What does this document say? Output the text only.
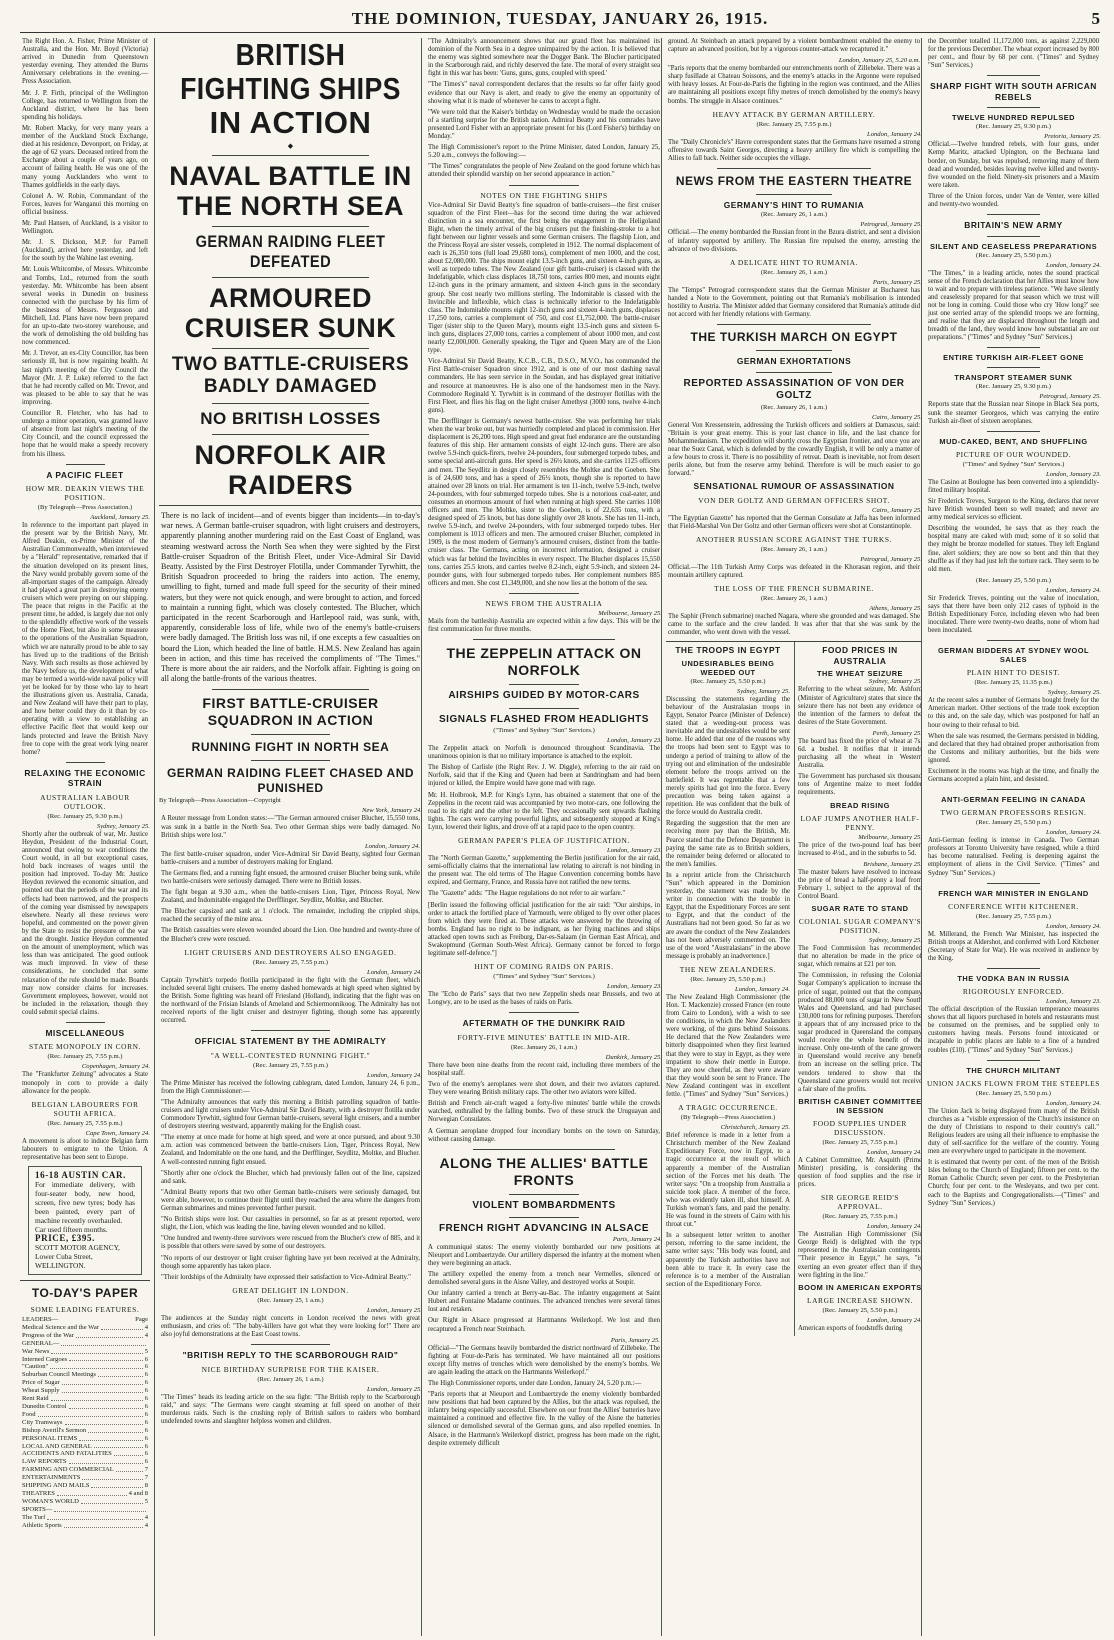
THE DOMINION, TUESDAY, JANUARY 26, 1915.	5

The Right Hon. A. Fisher, Prime Minister of Australia, and the Hon. Mr. Boyd (Victoria) arrived in Dunedin from Queenstown yesterday evening. They attended the Burns Anniversary celebrations in the evening.—Press Association.

Mr. J. P. Firth, principal of the Wellington College, has returned to Wellington from the Auckland district, where he has been spending his holidays.

Mr. Robert Macky, for very many years a member of the Auckland Stock Exchange, died at his residence, Devonport, on Friday, at the age of 62 years. Deceased retired from the Exchange about a couple of years ago, on account of failing health. He was one of the many young Aucklanders who went to Thames goldfields in the early days.

Colonel A. W. Robin, Commandant of the Forces, leaves for Wanganui this morning on official business.

Mr. Paul Hansen, of Auckland, is a visitor to Wellington.

Mr. J. S. Dickson, M.P. for Parnell (Auckland), arrived here yesterday, and left for the south by the Wahine last evening.

Mr. Louis Whitcombe, of Messrs. Whitcombe and Tombs, Ltd., returned from the south yesterday. Mr. Whitcombe has been absent several weeks in Dunedin on business connected with the purchase by his firm of the business of Messrs. Fergusson and Mitchell, Ltd. Plans have now been prepared for an up-to-date two-storey warehouse, and the work of demolishing the old building has now commenced.

Mr. J. Trevor, an ex-City Councillor, has been seriously ill, but is now regaining health. At last night's meeting of the City Council the Mayor (Mr. J. P. Luke) referred to the fact that he had recently called on Mr. Trevor, and was pleased to be able to say that he was improving.

Councillor R. Fletcher, who has had to undergo a minor operation, was granted leave of absence from last night's meeting of the City Council, and the council expressed the hope that he would make a speedy recovery from his illness.

A PACIFIC FLEET
HOW MR. DEAKIN VIEWS THE POSITION.
(By Telegraph—Press Association.)
Auckland, January 25.

In reference to the important part played in the present war by the British Navy, Mr. Alfred Deakin, ex-Prime Minister of the Australian Commonwealth, when interviewed by a "Herald" representative, remarked that if the situation developed on its present lines, the Navy would probably govern some of the all-important stages of the campaign. Already it had played a great part in destroying enemy cruisers which were preying on our shipping. The peace that reigns in the Pacific at the present time, he added, is largely due not only to the splendidly effective work of the vessels of the Home Fleet, but also in some measure to the operations of the Australian Squadron, which we are naturally proud to be able to say has lived up to the traditions of the British Navy. With such results as those achieved by the Navy before us, the development of what may be termed a world-wide naval policy will yet be looked for by those who lay to heart the illustrations given us. Australia, Canada, and New Zealand will have their part to play, and how better could they do it than by co-operating with a view to establishing an effective Pacific fleet that would keep our lands protected and leave the British Navy free to cope with the great work lying nearer home?

RELAXING THE ECONOMIC STRAIN
AUSTRALIAN LABOUR OUTLOOK.
(Rec. January 25, 9.30 p.m.)
Sydney, January 25.

Shortly after the outbreak of war, Mr. Justice Heydon, President of the Industrial Court, announced that owing to war conditions the Court would, in all but exceptional cases, hold back increases of wages until the position had improved. To-day Mr. Justice Heydon reviewed the economic situation, and pointed out that the periods of the war and its effects had been narrowed, and the prospects of the coming year dismissed by newspapers elsewhere. Nearly all these reviews were hopeful, and commented on the power given by the State to resist the pressure of the war and the drought. Justice Heydon commented on the amount of unemployment, which was less than was anticipated. The good outlook was much improved. In view of these considerations, he concluded that some relaxation of the rule should be made. Boards may now consider claims for increases. Government employees, however, would not be included in the relaxation, though they could submit special claims.

MISCELLANEOUS
STATE MONOPOLY IN CORN.
(Rec. January 25, 7.55 p.m.)
Copenhagen, January 24.

The "Frankfurter Zeitung" advocates a State monopoly in corn to provide a daily allowance for the people.

BELGIAN LABOURERS FOR SOUTH AFRICA.
(Rec. January 25, 7.55 p.m.)
Cape Town, January 24.

A movement is afoot to induce Belgian farm labourers to emigrate to the Union. A representative has been sent to Europe.

16-18 AUSTIN CAR.

For immediate delivery, with four-seater body, new hood, screen, five new tyres; body has been painted, every part of machine recently overhauled.

Car used fifteen months.

PRICE, £395.

SCOTT MOTOR AGENCY,

Lower Cuba Street,

WELLINGTON.

TO-DAY'S PAPER
SOME LEADING FEATURES.
LEADERS—	Page
Medical Science and the War	4
Progress of the War	4
GENERAL—
War News	5
Interned Cargoes	6
"Caution"	6
Suburban Council Meetings	6
Price of Sugar	6
Wheat Supply	6
Rent Raid	6
Dunedin Control	6
Food	6
City Tramways	6
Bishop Averill's Sermon	6
PERSONAL ITEMS	6
LOCAL AND GENERAL	6
ACCIDENTS AND FATALITIES	6
LAW REPORTS	6
FARMING AND COMMERCIAL	7
ENTERTAINMENTS	7
SHIPPING AND MAILS	8
THEATRES	4 and 8
WOMAN'S WORLD	5
SPORTS—
The Turf	4
Athletic Sports	4
BRITISH FIGHTING SHIPS
IN ACTION
◆
NAVAL BATTLE IN THE NORTH SEA
GERMAN RAIDING FLEET DEFEATED
ARMOURED CRUISER SUNK
TWO BATTLE-CRUISERS BADLY DAMAGED
NO BRITISH LOSSES
NORFOLK AIR RAIDERS

There is no lack of incident—and of events bigger than incidents—in to-day's war news. A German battle-cruiser squadron, with light cruisers and destroyers, apparently planning another murdering raid on the East Coast of England, was steaming westward across the North Sea when they were sighted by the First Battle-cruiser Squadron of the British Fleet, under Vice-Admiral Sir David Beatty. Assisted by the First Destroyer Flotilla, under Commander Tyrwhitt, the British Squadron proceeded to bring the raiders into action. The enemy, unwilling to fight, turned and made full speed for the security of their mined waters, but they were not quick enough, and were brought to action, and forced to maintain a running fight, which was closely contested. The Blucher, which participated in the recent Scarborough and Hartlepool raid, was sunk, with, apparently, considerable loss of life, while two of the enemy's battle-cruisers were badly damaged. The British loss was nil, if one excepts a few casualties on board the Lion, which headed the line of battle. H.M.S. New Zealand has again been in action, and this time has received the compliments of "The Times." There is more about the air raiders, and the Norfolk affair. Fighting is going on all along the battle-fronts of the various theatres.

FIRST BATTLE-CRUISER SQUADRON IN ACTION
RUNNING FIGHT IN NORTH SEA
GERMAN RAIDING FLEET CHASED AND PUNISHED
By Telegraph—Press Association—Copyright
New York, January 24.

A Reuter message from London states:—"The German armoured cruiser Blucher, 15,550 tons, was sunk in a battle in the North Sea. Two other German ships were badly damaged. No British ships were lost."

London, January 24.

The first battle-cruiser squadron, under Vice-Admiral Sir David Beatty, sighted four German battle-cruisers and a number of destroyers making for England.

The Germans fled, and a running fight ensued, the armoured cruiser Blucher being sunk, while two battle-cruisers were seriously damaged. There were no British losses.

The fight began at 9.30 a.m., when the battle-cruisers Lion, Tiger, Princess Royal, New Zealand, and Indomitable engaged the Derfflinger, Seydlitz, Moltke, and Blucher.

The Blucher capsized and sank at 1 o'clock. The remainder, including the crippled ships, reached the security of the mine area.

The British casualties were eleven wounded aboard the Lion. One hundred and twenty-three of the Blucher's crew were rescued.

LIGHT CRUISERS AND DESTROYERS ALSO ENGAGED.
(Rec. January 25, 7.55 p.m.)
London, January 24.

Captain Tyrwhitt's torpedo flotilla participated in the fight with the German fleet, which included several light cruisers. The enemy dashed homewards at high speed when sighted by the British. Some fighting was heard off Friesland (Holland), indicating that the fight was on the northward of the Frisian Islands of Ameland and Schiermonnikoog. The Admiralty has not received reports of the light cruiser and destroyer fighting, though some has apparently occurred.

OFFICIAL STATEMENT BY THE ADMIRALTY
"A WELL-CONTESTED RUNNING FIGHT."
(Rec. January 25, 7.55 p.m.)
London, January 24.

The Prime Minister has received the following cablegram, dated London, January 24, 6 p.m., from the High Commissioner:—

"The Admiralty announces that early this morning a British patrolling squadron of battle-cruisers and light cruisers under Vice-Admiral Sir David Beatty, with a destroyer flotilla under Commodore Tyrwhitt, sighted four German battle-cruisers, several light cruisers, and a number of destroyers steering westward, apparently making for the English coast.

"The enemy at once made for home at high speed, and were at once pursued, and about 9.30 a.m. action was commenced between the battle-cruisers Lion, Tiger, Princess Royal, New Zealand, and Indomitable on the one hand, and the Derfflinger, Seydlitz, Moltke, and Blucher. A well-contested running fight ensued.

"Shortly after one o'clock the Blucher, which had previously fallen out of the line, capsized and sank.

"Admiral Beatty reports that two other German battle-cruisers were seriously damaged, but were able, however, to continue their flight until they reached the area where the dangers from German submarines and mines prevented further pursuit.

"No British ships were lost. Our casualties in personnel, so far as at present reported, were slight, the Lion, which was leading the line, having eleven wounded and no killed.

"One hundred and twenty-three survivors were rescued from the Blucher's crew of 885, and it is possible that others were saved by some of our destroyers.

"No reports of our destroyer or light cruiser fighting have yet been received at the Admiralty, though some apparently has taken place.

"Their lordships of the Admiralty have expressed their satisfaction to Vice-Admiral Beatty."

GREAT DELIGHT IN LONDON.
(Rec. January 25, 1 a.m.)
London, January 25.

The audiences at the Sunday night concerts in London received the news with great enthusiasm, and cries of: "The baby-killers have got what they were looking for!" There are also joyful demonstrations at the East Coast towns.

"BRITISH REPLY TO THE SCARBOROUGH RAID"
NICE BIRTHDAY SURPRISE FOR THE KAISER.
(Rec. January 26, 1 a.m.)
London, January 25.

"The Times" heads its leading article on the sea fight: "The British reply to the Scarborough raid," and says: "The Germans were caught steaming at full speed on another of their murderous raids. Such is the crushing reply of British sailors to raiders who bombard undefended towns and slaughter helpless women and children.

"The Admiralty's announcement shows that our grand fleet has maintained its dominion of the North Sea in a degree unimpaired by the action. It is believed that the enemy was sighted somewhere near the Dogger Bank. The Blucher participated in the Scarborough raid, and richly deserved the fate. The moral of every straight sea fight in this war has been: 'Guns, guns, guns, coupled with speed.'

"The Times's" naval correspondent declares that the results so far offer fairly good evidence that our Navy is alert, and ready to give the enemy an opportunity of showing what it is made of whenever he cares to accept a fight.

"We were told that the Kaiser's birthday on Wednesday would be made the occasion of a startling surprise for the British nation. Admiral Beatty and his comrades have presented Lord Fisher with an appropriate present for his (Lord Fisher's) birthday on Monday."

The High Commissioner's report to the Prime Minister, dated London, January 25, 5.20 a.m., conveys the following:—

"The Times" congratulates the people of New Zealand on the good fortune which has attended their splendid warship on her second appearance in action."

NOTES ON THE FIGHTING SHIPS

Vice-Admiral Sir David Beatty's fine squadron of battle-cruisers—the first cruiser squadron of the First Fleet—has for the second time during the war achieved distinction in a sea encounter, the first being the engagement in the Heligoland Bight, when the timely arrival of the big cruisers put the finishing-stroke to a hot fight between our lighter vessels and some German cruisers. The flagship Lion, and the Princess Royal are sister vessels, completed in 1912. The normal displacement of each is 26,350 tons (full load 29,680 tons), complement of men 1000, and the cost, about £2,080,000. The ships mount eight 13.5-inch guns, and sixteen 4-inch guns, as well as torpedo tubes. The New Zealand (our gift battle-cruiser) is classed with the Indefatigable, which class displaces 18,750 tons, carries 800 men, and mounts eight 12-inch guns in the primary armament, and sixteen 4-inch guns in the secondary group. She cost nearly two millions sterling. The Indomitable is classed with the Invincible and Inflexible, which class is technically inferior to the Indefatigable class. The Indomitable mounts eight 12-inch guns and sixteen 4-inch guns, displaces 17,250 tons, carries a complement of 750, and cost £1,752,000. The battle-cruiser Tiger (sister ship to the Queen Mary), mounts eight 13.5-inch guns and sixteen 6-inch guns, displaces 27,000 tons, carries a complement of about 1000 men, and cost nearly £2,000,000. Generally speaking, the Tiger and Queen Mary are of the Lion type.

Vice-Admiral Sir David Beatty, K.C.B., C.B., D.S.O., M.V.O., has commanded the First Battle-cruiser Squadron since 1912, and is one of our most dashing naval commanders. He has seen service in the Soudan, and has displayed great initiative and resource at manoeuvres. He is also one of the handsomest men in the Navy. Commodore Reginald Y. Tyrwhitt is in command of the destroyer flotillas with the First Fleet, and flies his flag on the light cruiser Amethyst (3000 tons, twelve 4-inch guns).

The Derfflinger is Germany's newest battle-cruiser. She was performing her trials when the war broke out, but was hurriedly completed and placed in commission. Her displacement is 26,200 tons. High speed and great fuel endurance are the outstanding features of this ship. Her armament consists of eight 12-inch guns. There are also twelve 5.9-inch quick-firers, twelve 24-pounders, four submerged torpedo tubes, and some special anti-aircraft guns. Her speed is 26½ knots, and she carries 1125 officers and men. The Seydlitz in design closely resembles the Moltke and the Goeben. She is of 24,600 tons, and has a speed of 26½ knots, though she is reported to have attained over 28 knots on trial. Her armament is ten 11-inch, twelve 5.9-inch, twelve 24-pounders, with four submerged torpedo tubes. She is a notorious coal-eater, and consumes an enormous amount of fuel when running at high speed. She carries 1108 officers and men. The Moltke, sister to the Goeben, is of 22,635 tons, with a designed speed of 25 knots, but has done slightly over 28 knots. She has ten 11-inch, twelve 5.9-inch, and twelve 24-pounders, with four submerged torpedo tubes. Her complement is 1013 officers and men. The armoured cruiser Blucher, completed in 1909, is the most modern of Germany's armoured cruisers, distinct from the battle-cruiser class. The Germans, acting on incorrect information, designed a cruiser which was far behind the Invincibles in every respect. The Blucher displaces 15,550 tons, carries 25.5 knots, and carries twelve 8.2-inch, eight 5.9-inch, and sixteen 24-pounder guns, with four submerged torpedo tubes. Her complement numbers 885 officers and men. She cost £1,349,000, and she now lies at the bottom of the sea.

NEWS FROM THE AUSTRALIA
Melbourne, January 25.

Mails from the battleship Australia are expected within a few days. This will be the first communication for three months.

THE ZEPPELIN ATTACK ON NORFOLK
AIRSHIPS GUIDED BY MOTOR-CARS
SIGNALS FLASHED FROM HEADLIGHTS
("Times" and Sydney "Sun" Services.)
London, January 23.

The Zeppelin attack on Norfolk is denounced throughout Scandinavia. The unanimous opinion is that no military importance is attached to the exploit.

The Bishop of Carlisle (the Right Rev. J. W. Diggle), referring to the air raid on Norfolk, said that if the King and Queen had been at Sandringham and had been injured or killed, the Empire would have gone mad with rage.

Mr. H. Holbrook, M.P. for King's Lynn, has obtained a statement that one of the Zeppelins in the recent raid was accompanied by two motor-cars, one following the road to its right and the other to the left. They occasionally sent upwards flashing lights. The cars were carrying powerful lights, and subsequently stopped at King's Lynn, lowered their lights, and drove off at a rapid pace to the open country.

GERMAN PAPER'S PLEA OF JUSTIFICATION.
London, January 23.

The "North German Gazette," supplementing the Berlin justification for the air raid, semi-officially claims that the international law relating to aircraft is not binding in the present war. The old terms of The Hague Convention concerning bombs have expired, and Germany, France, and Russia have not ratified the new terms.

The "Gazette" adds: "The Hague regulations do not refer to air warfare."

[Berlin issued the following official justification for the air raid: "Our airships, in order to attack the fortified place of Yarmouth, were obliged to fly over other places from which they were fired at. These attacks were answered by the throwing of bombs. England has no right to be indignant, as her flying machines and ships attacked open towns such as Freiburg, Dar-es-Salaam (in German East Africa), and Swakopmund (German South-West Africa). Germany cannot be forced to forgo legitimate self-defence."]

HINT OF COMING RAIDS ON PARIS.
("Times" and Sydney "Sun" Services.)
London, January 23.

The "Echo de Paris" says that two new Zeppelin sheds near Brussels, and two at Longwy, are to be used as the bases of raids on Paris.

AFTERMATH OF THE DUNKIRK RAID
FORTY-FIVE MINUTES' BATTLE IN MID-AIR.
(Rec. January 26, 1 a.m.)
Dunkirk, January 25.

There have been nine deaths from the recent raid, including three members of the hospital staff.

Two of the enemy's aeroplanes were shot down, and their two aviators captured. They were wearing British military caps. The other two aviators were killed.

British and French air-craft waged a forty-five minutes' battle while the crowds watched, enthralled by the falling bombs. Two of these struck the Uruguayan and Norwegian Consulates.

A German aeroplane dropped four incendiary bombs on the town on Saturday, without causing damage.

ALONG THE ALLIES' BATTLE FRONTS
VIOLENT BOMBARDMENTS
FRENCH RIGHT ADVANCING IN ALSACE
Paris, January 24.

A communiqué states: The enemy violently bombarded our new positions at Nieuport and Lombaertzyde. Our artillery dispersed the infantry at the moment when they were beginning an attack.

The artillery expelled the enemy from a trench near Vermelles, silenced or demolished several guns in the Aisne Valley, and destroyed works at Soupir.

Our infantry carried a trench at Berry-au-Bac. The infantry engagement at Saint Hubert and Fontaine Madame continues. The advanced trenches were several times lost and retaken.

Our Right in Alsace progressed at Hartmanns Weilerkopf. We lost and then recaptured a French near Steinbach.

Paris, January 25.

Official—"The Germans heavily bombarded the district northward of Zillebeke. The fighting at Four-de-Paris has terminated. We have maintained all our positions except fifty metres of trenches which were demolished by the enemy's bombs. We are again leading the attack on the Hartmanns Weilerkopf."

The High Commissioner reports, under date London, January 24, 5.20 p.m.:—

"Paris reports that at Nieuport and Lombaertzyde the enemy violently bombarded new positions that had been captured by the Allies, but the attack was repulsed, the infantry being especially successful. Elsewhere on our front the Allies' batteries have maintained a continued and effective fire. In the valley of the Aisne the batteries silenced or demolished several of the German guns, and also repelled enemies. In Alsace, in the Hartmann's Weilerkopf district, progress has been made on the right, despite extremely difficult

ground. At Steinbach an attack prepared by a violent bombardment enabled the enemy to capture an advanced position, but by a vigorous counter-attack we recaptured it."

London, January 25, 5.20 a.m.

"Paris reports that the enemy bombarded our entrenchments north of Zillebeke. There was a sharp fusillade at Chateau Soissons, and the enemy's attacks in the Argonne were repulsed with heavy losses. At Four-de-Paris the fighting in the region was continued, and the Allies are maintaining all positions except fifty metres of trench demolished by the enemy's heavy bombs. The struggle in Alsace continues."

HEAVY ATTACK BY GERMAN ARTILLERY.
(Rec. January 25, 7.55 p.m.)
London, January 24.

The "Daily Chronicle's" Havre correspondent states that the Germans have resumed a strong offensive towards Saint Georges, directing a heavy artillery fire which is compelling the Allies to fall back. Neither side occupies the village.

NEWS FROM THE EASTERN THEATRE
GERMANY'S HINT TO RUMANIA
(Rec. January 26, 1 a.m.)
Petrograd, January 25.

Official.—The enemy bombarded the Russian front in the Bzura district, and sent a division of infantry supported by artillery. The Russian fire repulsed the enemy, arresting the advance of two divisions.

A DELICATE HINT TO RUMANIA.
(Rec. January 26, 1 a.m.)
Paris, January 25.

The "Temps" Petrograd correspondent states that the German Minister at Bucharest has handed a Note to the Government, pointing out that Rumania's mobilisation is intended hostility to Austria. The Minister added that Germany considered that Rumania's attitude did not accord with her friendly relations with Germany.

THE TURKISH MARCH ON EGYPT
GERMAN EXHORTATIONS
REPORTED ASSASSINATION OF VON DER GOLTZ
(Rec. January 26, 1 a.m.)
Cairo, January 25.

General Von Kressenstein, addressing the Turkish officers and soldiers at Damascus, said: "Britain is your great enemy. This is your last chance in life, and the last chance for Mohammedanism. The expedition will shortly cross the Egyptian frontier, and once you are near the Suez Canal, which is defended by the cowardly English, it will be only a matter of a few hours to cross it. There is no possibility of retreat. Death is inevitable, not from desert perils alone, but from the reserve army behind. Therefore is will be much easier to go forward."

SENSATIONAL RUMOUR OF ASSASSINATION
VON DER GOLTZ AND GERMAN OFFICERS SHOT.
Cairo, January 25.

"The Egyptian Gazette" has reported that the German Consulate at Jaffa has been informed that Field-Marshal Von Der Goltz and other German officers were shot at Constantinople.

ANOTHER RUSSIAN SCORE AGAINST THE TURKS.
(Rec. January 26, 1 a.m.)
Petrograd, January 25.

Official.—The 11th Turkish Army Corps was defeated in the Khorasan region, and their mountain artillery captured.

THE LOSS OF THE FRENCH SUBMARINE.
(Rec. January 26, 1 a.m.)
Athens, January 25.

The Saphir (French submarine) reached Nagara, where she grounded and was damaged. She came to the surface and the crew landed. It was after that that she was sunk by the commander, who went down with the vessel.

THE TROOPS IN EGYPT
UNDESIRABLES BEING WEEDED OUT
(Rec. January 25, 5.50 p.m.)
Sydney, January 25.

Discussing the statements regarding the behaviour of the Australasian troops in Egypt, Senator Pearce (Minister of Defence) stated that a weeding-out process was inevitable and the undesirables would be sent home. He added that one of the reasons why the troops had been sent to Egypt was to undergo a period of training to allow of the trying out and elimination of the undesirable element before the troops arrived on the battlefield. It was regrettable that a few merely spirits had got into the force. Every precaution was being taken against a repetition. He was confident that the bulk of the force would do Australia credit.

Regarding the suggestion that the men are receiving more pay than the British, Mr. Pearce stated that the Defence Department is paying the same rate as to British soldiers, the remainder being deferred or allocated to the men's families.

In a reprint article from the Christchurch "Sun" which appeared in the Dominion yesterday, the statement was made by the writer in connection with the trouble in Egypt, that the Expeditionary Forces are sent to Egypt, and that the conduct of the Australians had not been good. So far as we are aware the conduct of the New Zealanders has not been adversely commented on. The use of the word "Australasians" in the above message is probably an inadvertence.]

THE NEW ZEALANDERS.
(Rec. January 25, 5.50 p.m.)
London, January 24.

The New Zealand High Commissioner (the Hon. T. Mackenzie) crossed France (en route from Cairo to London), with a wish to see the conditions, in which the New Zealanders were working, of the guns behind Soissons. He declared that the New Zealanders were bitterly disappointed when they first learned that they were to stay in Egypt, as they were impatient to show their mettle in Europe. They are now cheerful, as they were aware that they would soon be sent to France. The New Zealand contingent was in excellent fettle. ("Times" and Sydney "Sun" Services.)

A TRAGIC OCCURRENCE.
(By Telegraph—Press Association.)
Christchurch, January 25.

Brief reference is made in a letter from a Christchurch member of the New Zealand Expeditionary Force, now in Egypt, to a tragic occurrence at the result of which apparently a member of the Australian section of the Forces met his death. The writer says: "On a troopship from Australia a suicide took place. A member of the force, who was evidently taken ill, shot himself. A Turkish woman's fans, and paid the penalty. He was found in the streets of Cairo with his throat cut."

In a subsequent letter written to another person, referring to the same incident, the same writer says: "His body was found, and apparently the Turkish authorities have not been able to trace it. In every case the reference is to a member of the Australian section of the Expeditionary Force.

FOOD PRICES IN AUSTRALIA
THE WHEAT SEIZURE
Sydney, January 25.

Referring to the wheat seizure, Mr. Ashford (Minister of Agriculture) states that since the seizure there has not been any evidence of the intention of the farmers to defeat the desires of the State Government.

Perth, January 25.

The board has fixed the price of wheat at 7s. 6d. a bushel. It notifies that it intends purchasing all the wheat in Western Australia.

The Government has purchased six thousand tons of Argentine maize to meet fodder requirements.

BREAD RISING
LOAF JUMPS ANOTHER HALF-PENNY.
Melbourne, January 25.

The price of the two-pound loaf has been increased to 4½d., and in the suburbs to 5d.

Brisbane, January 25.

The master bakers have resolved to increase the price of bread a half-penny a loaf from February 1, subject to the approval of the Control Board.

SUGAR RATE TO STAND
COLONIAL SUGAR COMPANY'S POSITION.
Sydney, January 25.

The Food Commission has recommended that no alteration be made in the price of sugar, which remains at £21 per ton.

The Commission, in refusing the Colonial Sugar Company's application to increase the price of sugar, pointed out that the company produced 88,000 tons of sugar in New South Wales and Queensland, and had purchased 130,000 tons for refining purposes. Therefore it appears that of any increased price to the sugar produced in Queensland the company would receive the whole benefit of the increase. Only one-tenth of the cane growers in Queensland would receive any benefit from an increase on the selling price. The vendors tendered to show that the Queensland cane growers would not receive a fair share of the profits.

BRITISH CABINET COMMITTEE IN SESSION
FOOD SUPPLIES UNDER DISCUSSION.
(Rec. January 25, 7.55 p.m.)
London, January 24.

A Cabinet Committee, Mr. Asquith (Prime Minister) presiding, is considering the question of food supplies and the rise in prices.

SIR GEORGE REID'S APPROVAL.
(Rec. January 25, 7.55 p.m.)
London, January 24.

The Australian High Commissioner (Sir George Reid) is delighted with the type represented in the Australasian contingents. "Their presence in Egypt," he says, "is exerting an even greater effect than if they were fighting in the line."

BOOM IN AMERICAN EXPORTS
LARGE INCREASE SHOWN.
(Rec. January 25, 5.50 p.m.)
London, January 24.

American exports of foodstuffs during

the December totalled 11,172,000 tons, as against 2,229,000 for the previous December. The wheat export increased by 800 per cent., and flour by 68 per cent. ("Times" and Sydney "Sun" Services.)

SHARP FIGHT WITH SOUTH AFRICAN REBELS
TWELVE HUNDRED REPULSED
(Rec. January 25, 9.30 p.m.)
Pretoria, January 25.

Official.—Twelve hundred rebels, with four guns, under Kemp Maritz, attacked Upington, on the Bechuana land border, on Sunday, but was repulsed, removing many of them dead and wounded, besides leaving twelve killed and twenty-five wounded on the field. Ninety-six prisoners and a Maxim were taken.

Three of the Union forces, under Van de Venter, were killed and twenty-two wounded.

BRITAIN'S NEW ARMY
SILENT AND CEASELESS PREPARATIONS
(Rec. January 25, 5.50 p.m.)
London, January 24.

"The Times," in a leading article, notes the sound practical sense of the French declaration that her Allies must know how to wait and to prepare with tireless patience. "We have silently and ceaselessly prepared for that season which we trust will not be long in coming. Could those who cry 'How long?' see just one serried array of the splendid troops we are forming, and realise that they are displaced throughout the length and breadth of the land, they would know how substantial are our preparations." ("Times" and Sydney "Sun" Services.)

ENTIRE TURKISH AIR-FLEET GONE
TRANSPORT STEAMER SUNK
(Rec. January 25, 9.30 p.m.)
Petrograd, January 25.

Reports state that the Russian near Sinope in Black Sea ports, sunk the steamer Georgeos, which was carrying the entire Turkish air-fleet of sixteen aeroplanes.

MUD-CAKED, BENT, AND SHUFFLING
PICTURE OF OUR WOUNDED.
("Times" and Sydney "Sun" Services.)
London, January 23.

The Casino at Boulogne has been converted into a splendidly-fitted military hospital.

Sir Frederick Treves, Surgeon to the King, declares that never have British wounded been so well treated; and never are army medical services so efficient.

Describing the wounded, he says that as they reach the hospital many are caked with mud; some of it so solid that they might be bronze modelled for statues. They left England fine, alert soldiers; they are now so bent and thin that they shuffle as if they had just left the torture rack. They seem to be old men.

(Rec. January 25, 5.50 p.m.)
London, January 24.

Sir Frederick Treves, pointing out the value of inoculation, says that there have been only 212 cases of typhoid in the British Expeditionary Force, including eleven who had been inoculated. There were twenty-two deaths, none of whom had been inoculated.

GERMAN BIDDERS AT SYDNEY WOOL SALES
PLAIN HINT TO DESIST.
(Rec. January 25, 11.35 p.m.)
Sydney, January 25.

At the recent sales a number of Germans bought freely for the American market. Other sections of the trade took exception to this and, on the sale day, which was postponed for half an hour owing to their refusal to bid.

When the sale was resumed, the Germans persisted in bidding, and declared that they had obtained proper authorisation from the Customs and military authorities, but the bids were ignored.

Excitement in the rooms was high at the time, and finally the Germans accepted a plain hint, and desisted.

ANTI-GERMAN FEELING IN CANADA
TWO GERMAN PROFESSORS RESIGN.
(Rec. January 25, 5.50 p.m.)
London, January 24.

Anti-German feeling is intense in Canada. Two German professors at Toronto University have resigned, while a third has become naturalised. Feeling is deepening against the employment of aliens in the Civil Service. ("Times" and Sydney "Sun" Services.)

FRENCH WAR MINISTER IN ENGLAND
CONFERENCE WITH KITCHENER.
(Rec. January 25, 7.55 p.m.)
London, January 24.

M. Millerand, the French War Minister, has inspected the British troops at Aldershot, and conferred with Lord Kitchener (Secretary of State for War). He was received in audience by the King.

THE VODKA BAN IN RUSSIA
RIGOROUSLY ENFORCED.
London, January 23.

The official description of the Russian temperance measures shows that all liquors purchased in hotels and restaurants must be consumed on the premises, and be supplied only to customers having meals. Persons found intoxicated or incapable in public places are liable to a fine of a hundred roubles (£10). ("Times" and Sydney "Sun" Services.)

THE CHURCH MILITANT
UNION JACKS FLOWN FROM THE STEEPLES
(Rec. January 25, 5.50 p.m.)
London, January 24.

The Union Jack is being displayed from many of the British churches as a "visible expression of the Church's insistence on the duty of Christians to respond to their country's call." Religious leaders are using all their influence to emphasise the duty of self-sacrifice for the welfare of the country. Young men are everywhere urged to participate in the movement.

It is estimated that twenty per cent. of the men of the British Isles belong to the Church of England; fifteen per cent. to the Roman Catholic Church; seven per cent. to the Presbyterian Church; four per cent. to the Wesleyans, and two per cent. each to the Baptists and Congregationalists.—("Times" and Sydney "Sun" Services.)
